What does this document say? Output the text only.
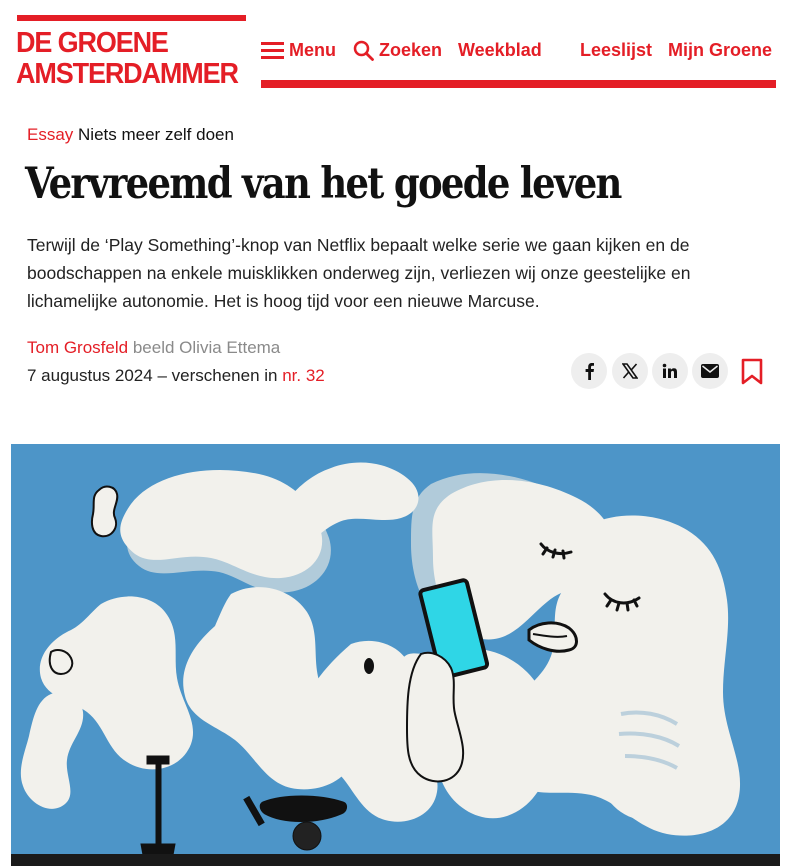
DE GROENE
AMSTERDAMMER
Menu Zoeken Weekblad Leeslijst Mijn Groene
Essay Niets meer zelf doen
Vervreemd van het goede leven

Terwijl de ‘Play Something’-knop van Netflix bepaalt welke serie we gaan kijken en de boodschappen na enkele muisklikken onderweg zijn, verliezen wij onze geestelijke en lichamelijke autonomie. Het is hoog tijd voor een nieuwe Marcuse.

Tom Grosfeld beeld Olivia Ettema
7 augustus 2024 – verschenen in nr. 32
